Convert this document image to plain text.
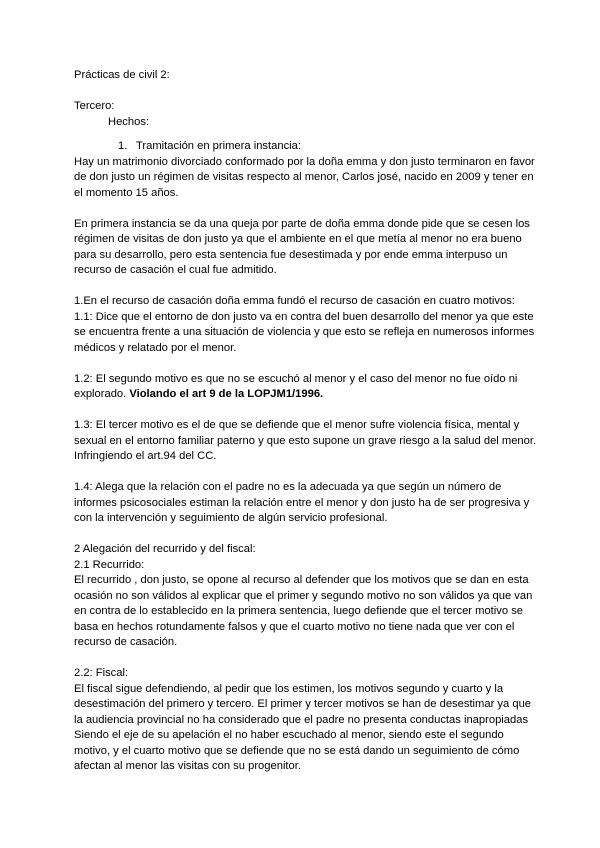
Prácticas de civil 2:

Tercero:

Hechos:

1. Tramitación en primera instancia:

Hay un matrimonio divorciado conformado por la doña emma y don justo terminaron en favor de don justo un régimen de visitas respecto al menor, Carlos josé, nacido en 2009 y tener en el momento 15 años.

En primera instancia se da una queja por parte de doña emma donde pide que se cesen los régimen de visitas de don justo ya que el ambiente en el que metía al menor no era bueno para su desarrollo, pero esta sentencia fue desestimada y por ende emma interpuso un recurso de casación el cual fue admitido.

1.En el recurso de casación doña emma fundó el recurso de casación en cuatro motivos:

1.1: Dice que el entorno de don justo va en contra del buen desarrollo del menor ya que este se encuentra frente a una situación de violencia y que esto se refleja en numerosos informes médicos y relatado por el menor.

1.2: El segundo motivo es que no se escuchó al menor y el caso del menor no fue oído ni explorado. Violando el art 9 de la LOPJM1/1996.

1.3: El tercer motivo es el de que se defiende que el menor sufre violencia física, mental y sexual en el entorno familiar paterno y que esto supone un grave riesgo a la salud del menor. Infringiendo el art.94 del CC.

1.4: Alega que la relación con el padre no es la adecuada ya que según un número de informes psicosociales estiman la relación entre el menor y don justo ha de ser progresiva y con la intervención y seguimiento de algún servicio profesional.

2 Alegación del recurrido y del fiscal:

2.1 Recurrido:

El recurrido , don justo, se opone al recurso al defender que los motivos que se dan en esta ocasión no son válidos al explicar que el primer y segundo motivo no son válidos ya que van en contra de lo establecido en la primera sentencia, luego defiende que el tercer motivo se basa en hechos rotundamente falsos y que el cuarto motivo no tiene nada que ver con el recurso de casación.

2.2: Fiscal:

El fiscal sigue defendiendo, al pedir que los estimen, los motivos segundo y cuarto y la desestimación del primero y tercero. El primer y tercer motivos se han de desestimar ya que la audiencia provincial no ha considerado que el padre no presenta conductas inapropiadas Siendo el eje de su apelación el no haber escuchado al menor, siendo este el segundo motivo, y el cuarto motivo que se defiende que no se está dando un seguimiento de cómo afectan al menor las visitas con su progenitor.
